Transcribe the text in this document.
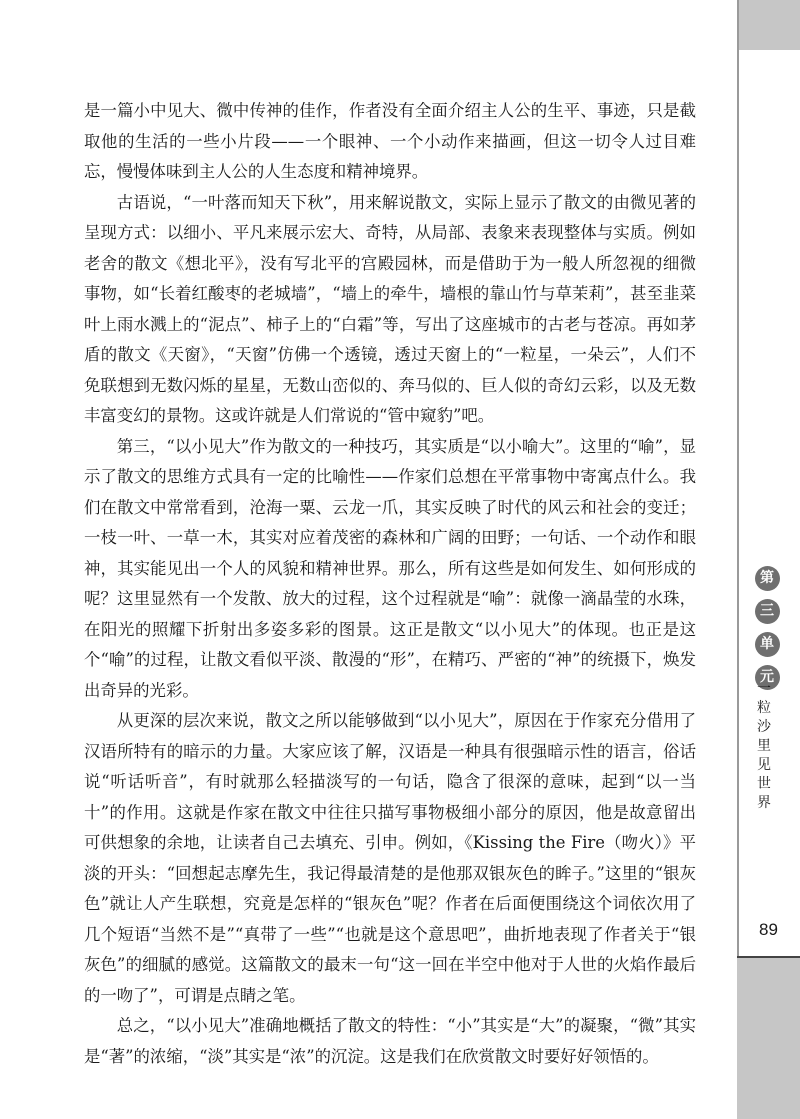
是一篇小中见大、微中传神的佳作，作者没有全面介绍主人公的生平、事迹，只是截取他的生活的一些小片段——一个眼神、一个小动作来描画，但这一切令人过目难忘，慢慢体味到主人公的人生态度和精神境界。

古语说，“一叶落而知天下秋”，用来解说散文，实际上显示了散文的由微见著的呈现方式：以细小、平凡来展示宏大、奇特，从局部、表象来表现整体与实质。例如老舍的散文《想北平》，没有写北平的宫殿园林，而是借助于为一般人所忽视的细微事物，如“长着红酸枣的老城墙”，“墙上的牵牛，墙根的靠山竹与草茉莉”，甚至韭菜叶上雨水溅上的“泥点”、柿子上的“白霜”等，写出了这座城市的古老与苍凉。再如茅盾的散文《天窗》，“天窗”仿佛一个透镜，透过天窗上的“一粒星，一朵云”，人们不免联想到无数闪烁的星星，无数山峦似的、奔马似的、巨人似的奇幻云彩，以及无数丰富变幻的景物。这或许就是人们常说的“管中窥豹”吧。

第三，“以小见大”作为散文的一种技巧，其实质是“以小喻大”。这里的“喻”，显示了散文的思维方式具有一定的比喻性——作家们总想在平常事物中寄寓点什么。我们在散文中常常看到，沧海一粟、云龙一爪，其实反映了时代的风云和社会的变迁；一枝一叶、一草一木，其实对应着茂密的森林和广阔的田野；一句话、一个动作和眼神，其实能见出一个人的风貌和精神世界。那么，所有这些是如何发生、如何形成的呢？这里显然有一个发散、放大的过程，这个过程就是“喻”：就像一滴晶莹的水珠，在阳光的照耀下折射出多姿多彩的图景。这正是散文“以小见大”的体现。也正是这个“喻”的过程，让散文看似平淡、散漫的“形”，在精巧、严密的“神”的统摄下，焕发出奇异的光彩。

从更深的层次来说，散文之所以能够做到“以小见大”，原因在于作家充分借用了汉语所特有的暗示的力量。大家应该了解，汉语是一种具有很强暗示性的语言，俗话说“听话听音”，有时就那么轻描淡写的一句话，隐含了很深的意味，起到“以一当十”的作用。这就是作家在散文中往往只描写事物极细小部分的原因，他是故意留出可供想象的余地，让读者自己去填充、引申。例如，《Kissing the Fire（吻火）》平淡的开头：“回想起志摩先生，我记得最清楚的是他那双银灰色的眸子。”这里的“银灰色”就让人产生联想，究竟是怎样的“银灰色”呢？作者在后面便围绕这个词依次用了几个短语“当然不是”“真带了一些”“也就是这个意思吧”，曲折地表现了作者关于“银灰色”的细腻的感觉。这篇散文的最末一句“这一回在半空中他对于人世的火焰作最后的一吻了”，可谓是点睛之笔。

总之，“以小见大”准确地概括了散文的特性：“小”其实是“大”的凝聚，“微”其实是“著”的浓缩，“淡”其实是“浓”的沉淀。这是我们在欣赏散文时要好好领悟的。

第
三
单
元
一粒沙里见世界
89
